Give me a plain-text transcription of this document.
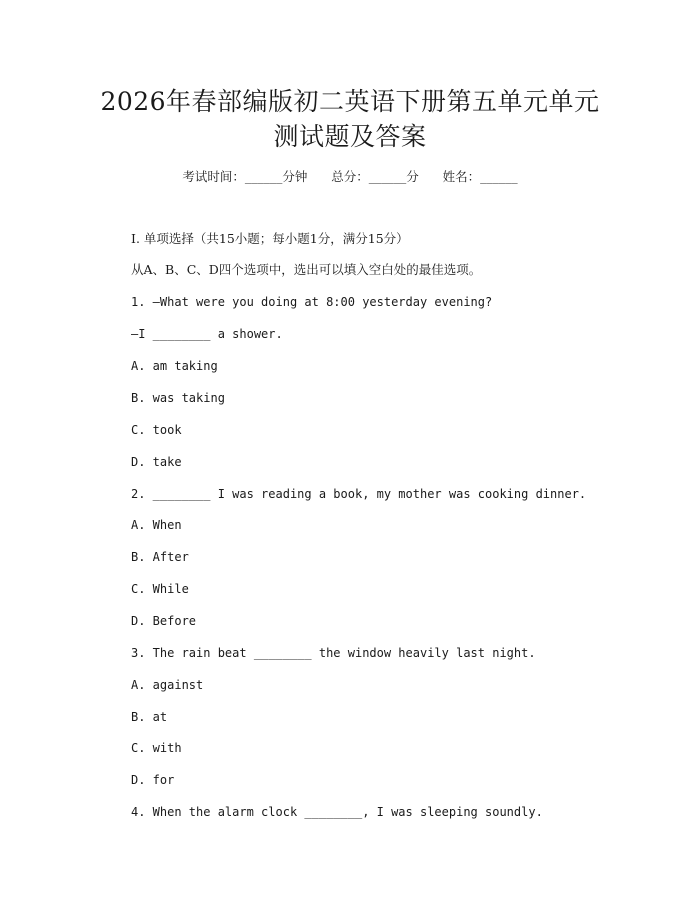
2026年春部编版初二英语下册第五单元单元
测试题及答案
考试时间：______分钟 总分：______分 姓名：______
I. 单项选择（共15小题；每小题1分，满分15分）
从A、B、C、D四个选项中，选出可以填入空白处的最佳选项。
1. —What were you doing at 8:00 yesterday evening?
—I ________ a shower.
A. am taking
B. was taking
C. took
D. take
2. ________ I was reading a book, my mother was cooking dinner.
A. When
B. After
C. While
D. Before
3. The rain beat ________ the window heavily last night.
A. against
B. at
C. with
D. for
4. When the alarm clock ________, I was sleeping soundly.
